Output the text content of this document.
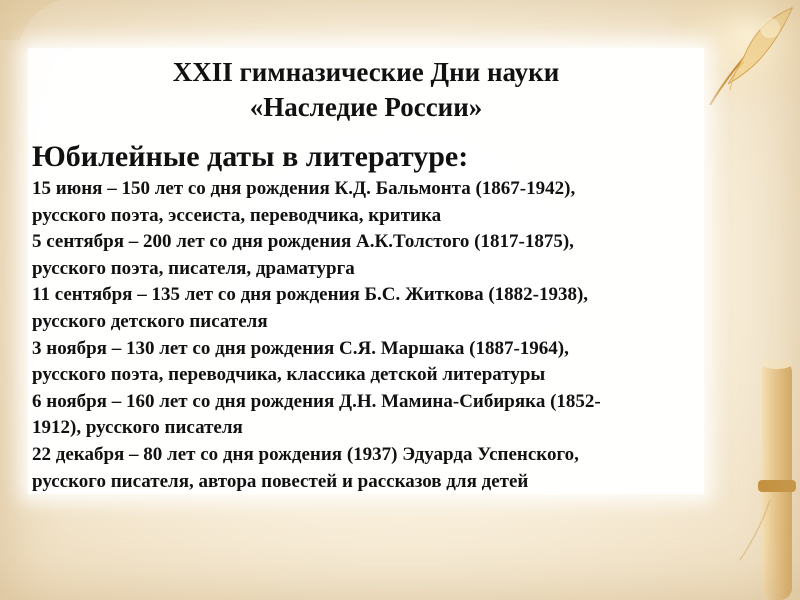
XXII гимназические Дни науки
«Наследие России»
Юбилейные даты в литературе:
15 июня – 150 лет со дня рождения К.Д. Бальмонта (1867-1942),
русского поэта, эссеиста, переводчика, критика
5 сентября – 200 лет со дня рождения А.К.Толстого (1817-1875),
русского поэта, писателя, драматурга
11 сентября – 135 лет со дня рождения Б.С. Житкова (1882-1938),
русского детского писателя
3 ноября – 130 лет со дня рождения С.Я. Маршака (1887-1964),
русского поэта, переводчика, классика детской литературы
6 ноября – 160 лет со дня рождения Д.Н. Мамина-Сибиряка (1852-
1912), русского писателя
22 декабря – 80 лет со дня рождения (1937) Эдуарда Успенского,
русского писателя, автора повестей и рассказов для детей
